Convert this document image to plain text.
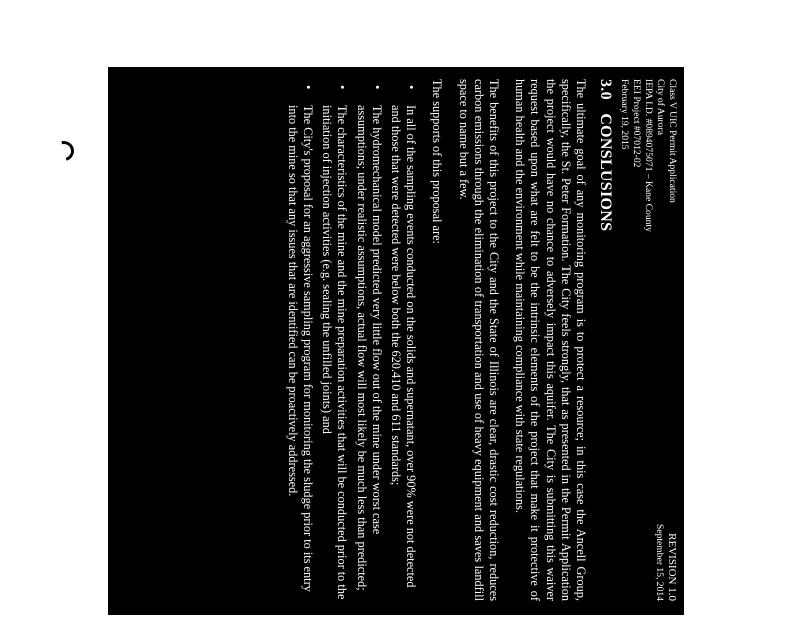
Class V UIC Permit Application
City of Aurora
IEPA I.D. #0894075071 – Kane County
EEI Project #07012-02
February 19, 2015
REVISION 1.0
September 15, 2014
3.0 CONSLUSIONS

The ultimate goal of any monitoring program is to protect a resource; in this case the Ancell Group, specifically, the St. Peter Formation. The City feels strongly, that as presented in the Permit Application the project would have no chance to adversely impact this aquifer. The City is submitting this waiver request based upon what are felt to be the intrinsic elements of the project that make it protective of human health and the environment while maintaining compliance with state regulations.

The benefits of this project to the City and the State of Illinois are clear, drastic cost reduction, reduces carbon emissions through the elimination of transportation and use of heavy equipment and saves landfill space to name but a few.

The supports of this proposal are:

•
In all of the sampling events conducted on the solids and supernatant, over 90% were not detected and those that were detected were below both the 620.410 and 611 standards;
•
The hydromechanical model predicted very little flow out of the mine under worst case assumptions; under realistic assumptions, actual flow will most likely be much less than predicted;
•
The characteristics of the mine and the mine preparation activities that will be conducted prior to the initiation of injection activities (e.g. sealing the unfilled joints) and
•
The City's proposal for an aggressive sampling program for monitoring the sludge prior to its entry into the mine so that any issues that are identified can be proactively addressed.
